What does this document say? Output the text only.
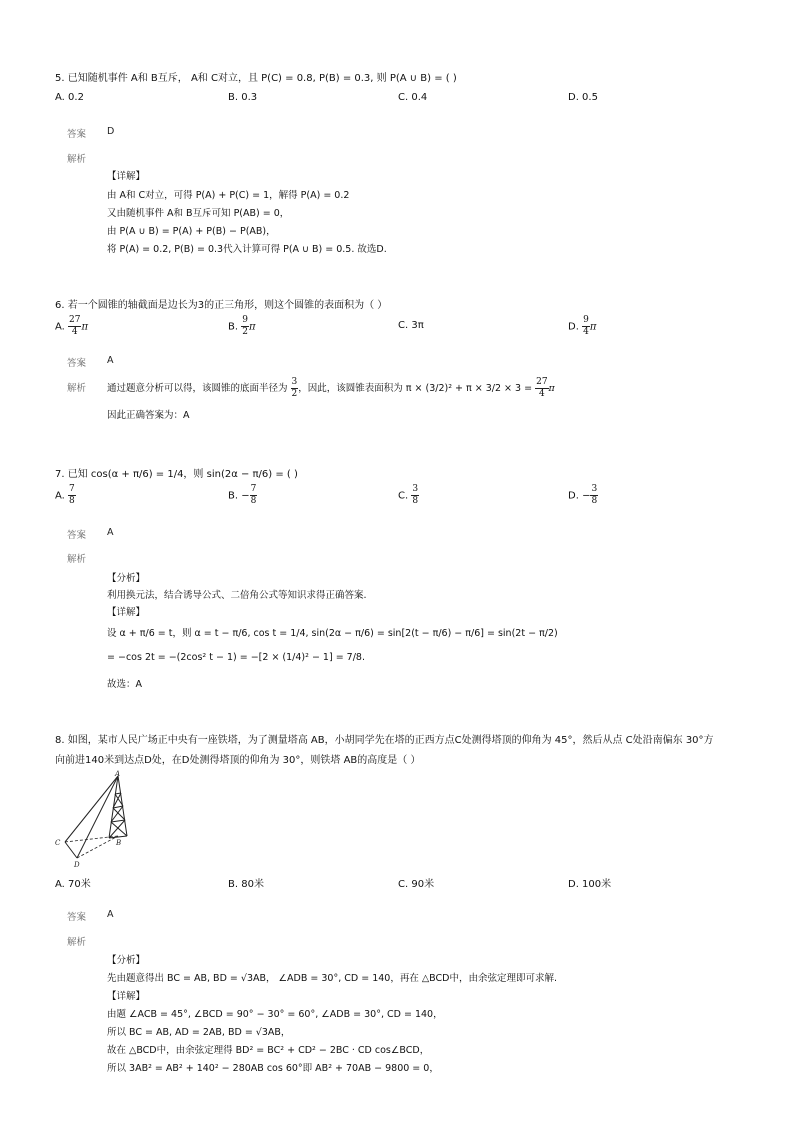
5. 已知随机事件 A和 B互斥， A和 C对立，且 P(C) = 0.8, P(B) = 0.3, 则 P(A ∪ B) = ( )
A. 0.2	B. 0.3	C. 0.4	D. 0.5
答案 D
解析
【详解】
由 A和 C对立，可得 P(A) + P(C) = 1，解得 P(A) = 0.2
又由随机事件 A和 B互斥可知 P(AB) = 0，
由 P(A ∪ B) = P(A) + P(B) − P(AB)，
将 P(A) = 0.2, P(B) = 0.3代入计算可得 P(A ∪ B) = 0.5. 故选D.
6. 若一个圆锥的轴截面是边长为3的正三角形，则这个圆锥的表面积为（ ）
A. $\frac{27}{4}$ π	B. $\frac{9}{2}$ π	C. 3π	D. $\frac{9}{4}$ π
答案 A
解析 通过题意分析可以得，该圆锥的底面半径为 $\frac{3}{2}$ ，因此，该圆锥表面积为 $\pi \times (3/2)^2 + \pi \times 3/2 \times 3 = \frac{27}{4}$ π
因此正确答案为：A
7. 已知 cos(α + π/6) = 1/4，则 sin(2α − π/6) = ( )
A. $\frac{7}{8}$	B. − $\frac{7}{8}$	C. $\frac{3}{8}$	D. − $\frac{3}{8}$
答案 A
解析
【分析】
利用换元法，结合诱导公式、二倍角公式等知识求得正确答案.
【详解】
设 α + π/6 = t，则 α = t − π/6, cos t = 1/4, sin(2α − π/6) = sin[2(t − π/6) − π/6] = sin(2t − π/2)
= −cos 2t = −(2cos² t − 1) = −[2 × (1/4)² − 1] = 7/8.
故选：A
8. 如图，某市人民广场正中央有一座铁塔，为了测量塔高 AB，小胡同学先在塔的正西方点C处测得塔顶的仰角为 45°，然后从点 C处沿南偏东 30°方
向前进140米到达点D处，在D处测得塔顶的仰角为 30°，则铁塔 AB的高度是（ ）
A
B
C
D
A. 70米	B. 80米	C. 90米	D. 100米
答案 A
解析
【分析】
先由题意得出 BC = AB, BD = √3AB， ∠ADB = 30°, CD = 140，再在 △BCD中，由余弦定理即可求解.
【详解】
由题 ∠ACB = 45°, ∠BCD = 90° − 30° = 60°, ∠ADB = 30°, CD = 140，
所以 BC = AB, AD = 2AB, BD = √3AB，
故在 △BCD中，由余弦定理得 BD² = BC² + CD² − 2BC · CD cos∠BCD，
所以 3AB² = AB² + 140² − 280AB cos 60°即 AB² + 70AB − 9800 = 0，
